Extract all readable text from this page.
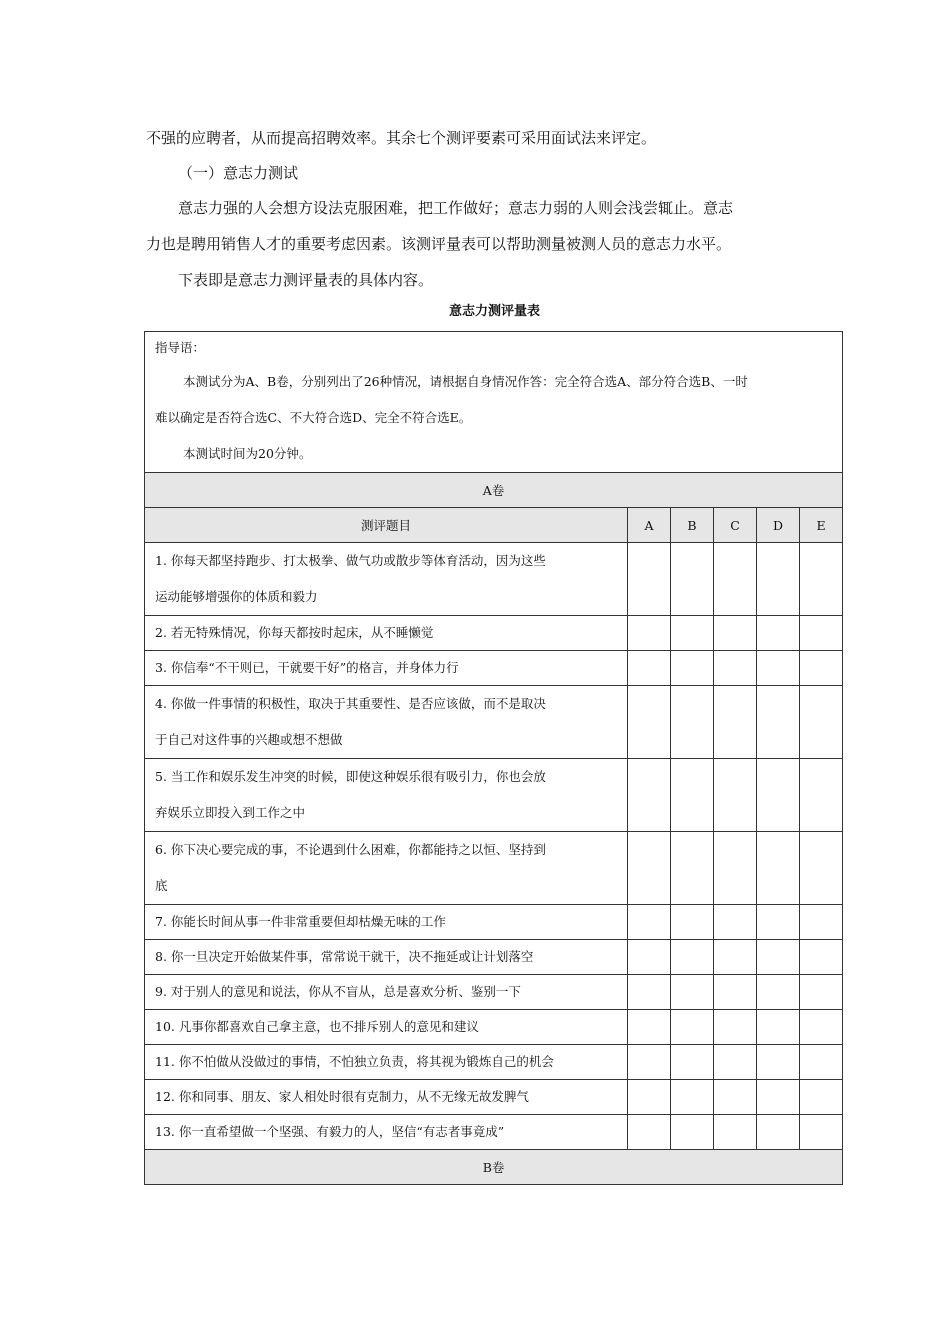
不强的应聘者，从而提高招聘效率。其余七个测评要素可采用面试法来评定。

（一）意志力测试

意志力强的人会想方设法克服困难，把工作做好；意志力弱的人则会浅尝辄止。意志

力也是聘用销售人才的重要考虑因素。该测评量表可以帮助测量被测人员的意志力水平。

下表即是意志力测评量表的具体内容。

意志力测评量表
指导语：
本测试分为A、B卷，分别列出了26种情况，请根据自身情况作答：完全符合选A、部分符合选B、一时
难以确定是否符合选C、不大符合选D、完全不符合选E。
本测试时间为20分钟。					

A卷					
测评题目	A	B	C	D	E

1. 你每天都坚持跑步、打太极拳、做气功或散步等体育活动，因为这些
运动能够增强你的体质和毅力					

2. 若无特殊情况，你每天都按时起床，从不睡懒觉					

3. 你信奉“不干则已，干就要干好”的格言，并身体力行					

4. 你做一件事情的积极性，取决于其重要性、是否应该做，而不是取决
于自己对这件事的兴趣或想不想做					

5. 当工作和娱乐发生冲突的时候，即使这种娱乐很有吸引力，你也会放
弃娱乐立即投入到工作之中					

6. 你下决心要完成的事，不论遇到什么困难，你都能持之以恒、坚持到
底					

7. 你能长时间从事一件非常重要但却枯燥无味的工作					

8. 你一旦决定开始做某件事，常常说干就干，决不拖延或让计划落空					

9. 对于别人的意见和说法，你从不盲从，总是喜欢分析、鉴别一下					

10. 凡事你都喜欢自己拿主意，也不排斥别人的意见和建议					

11. 你不怕做从没做过的事情，不怕独立负责，将其视为锻炼自己的机会					

12. 你和同事、朋友、家人相处时很有克制力，从不无缘无故发脾气					

13. 你一直希望做一个坚强、有毅力的人，坚信“有志者事竟成”					

B卷					
